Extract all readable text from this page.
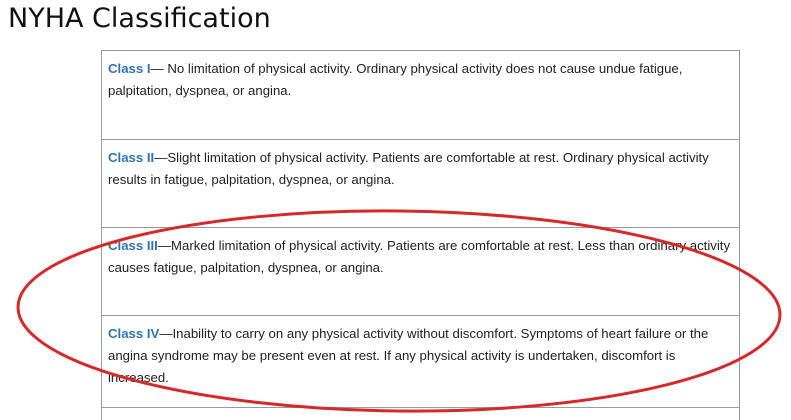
NYHA Classification
Class I— No limitation of physical activity. Ordinary physical activity does not cause undue fatigue, palpitation, dyspnea, or angina.
Class II—Slight limitation of physical activity. Patients are comfortable at rest. Ordinary physical activity results in fatigue, palpitation, dyspnea, or angina.
Class III—Marked limitation of physical activity. Patients are comfortable at rest. Less than ordinary activity causes fatigue, palpitation, dyspnea, or angina.
Class IV—Inability to carry on any physical activity without discomfort. Symptoms of heart failure or the angina syndrome may be present even at rest. If any physical activity is undertaken, discomfort is increased.
